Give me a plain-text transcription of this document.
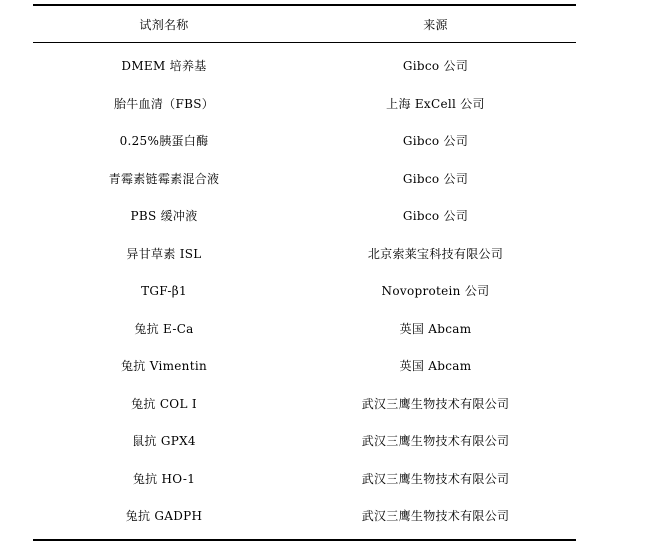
试剂名称	来源
DMEM 培养基	Gibco 公司
胎牛血清（FBS）	上海 ExCell 公司
0.25%胰蛋白酶	Gibco 公司
青霉素链霉素混合液	Gibco 公司
PBS 缓冲液	Gibco 公司
异甘草素 ISL	北京索莱宝科技有限公司
TGF-β1	Novoprotein 公司
兔抗 E-Ca	英国 Abcam
兔抗 Vimentin	英国 Abcam
兔抗 COL I	武汉三鹰生物技术有限公司
鼠抗 GPX4	武汉三鹰生物技术有限公司
兔抗 HO-1	武汉三鹰生物技术有限公司
兔抗 GADPH	武汉三鹰生物技术有限公司
